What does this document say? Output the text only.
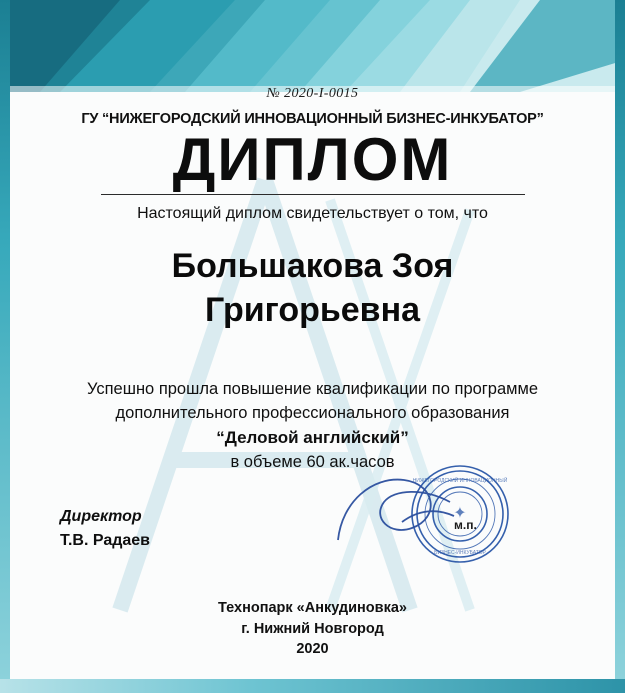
№ 2020-I-0015
ГУ “НИЖЕГОРОДСКИЙ ИННОВАЦИОННЫЙ БИЗНЕС-ИНКУБАТОР”
ДИПЛОМ
Настоящий диплом свидетельствует о том, что
Большакова Зоя
Григорьевна
Успешно прошла повышение квалификации по программе
дополнительного профессионального образования
“Деловой английский”
в объеме 60 ак.часов
Директор
Т.В. Радаев
НИЖЕГОРОДСКИЙ ИННОВАЦИОННЫЙ
БИЗНЕС-ИНКУБАТОР
✦
м.п.
Технопарк «Анкудиновка»
г. Нижний Новгород
2020
